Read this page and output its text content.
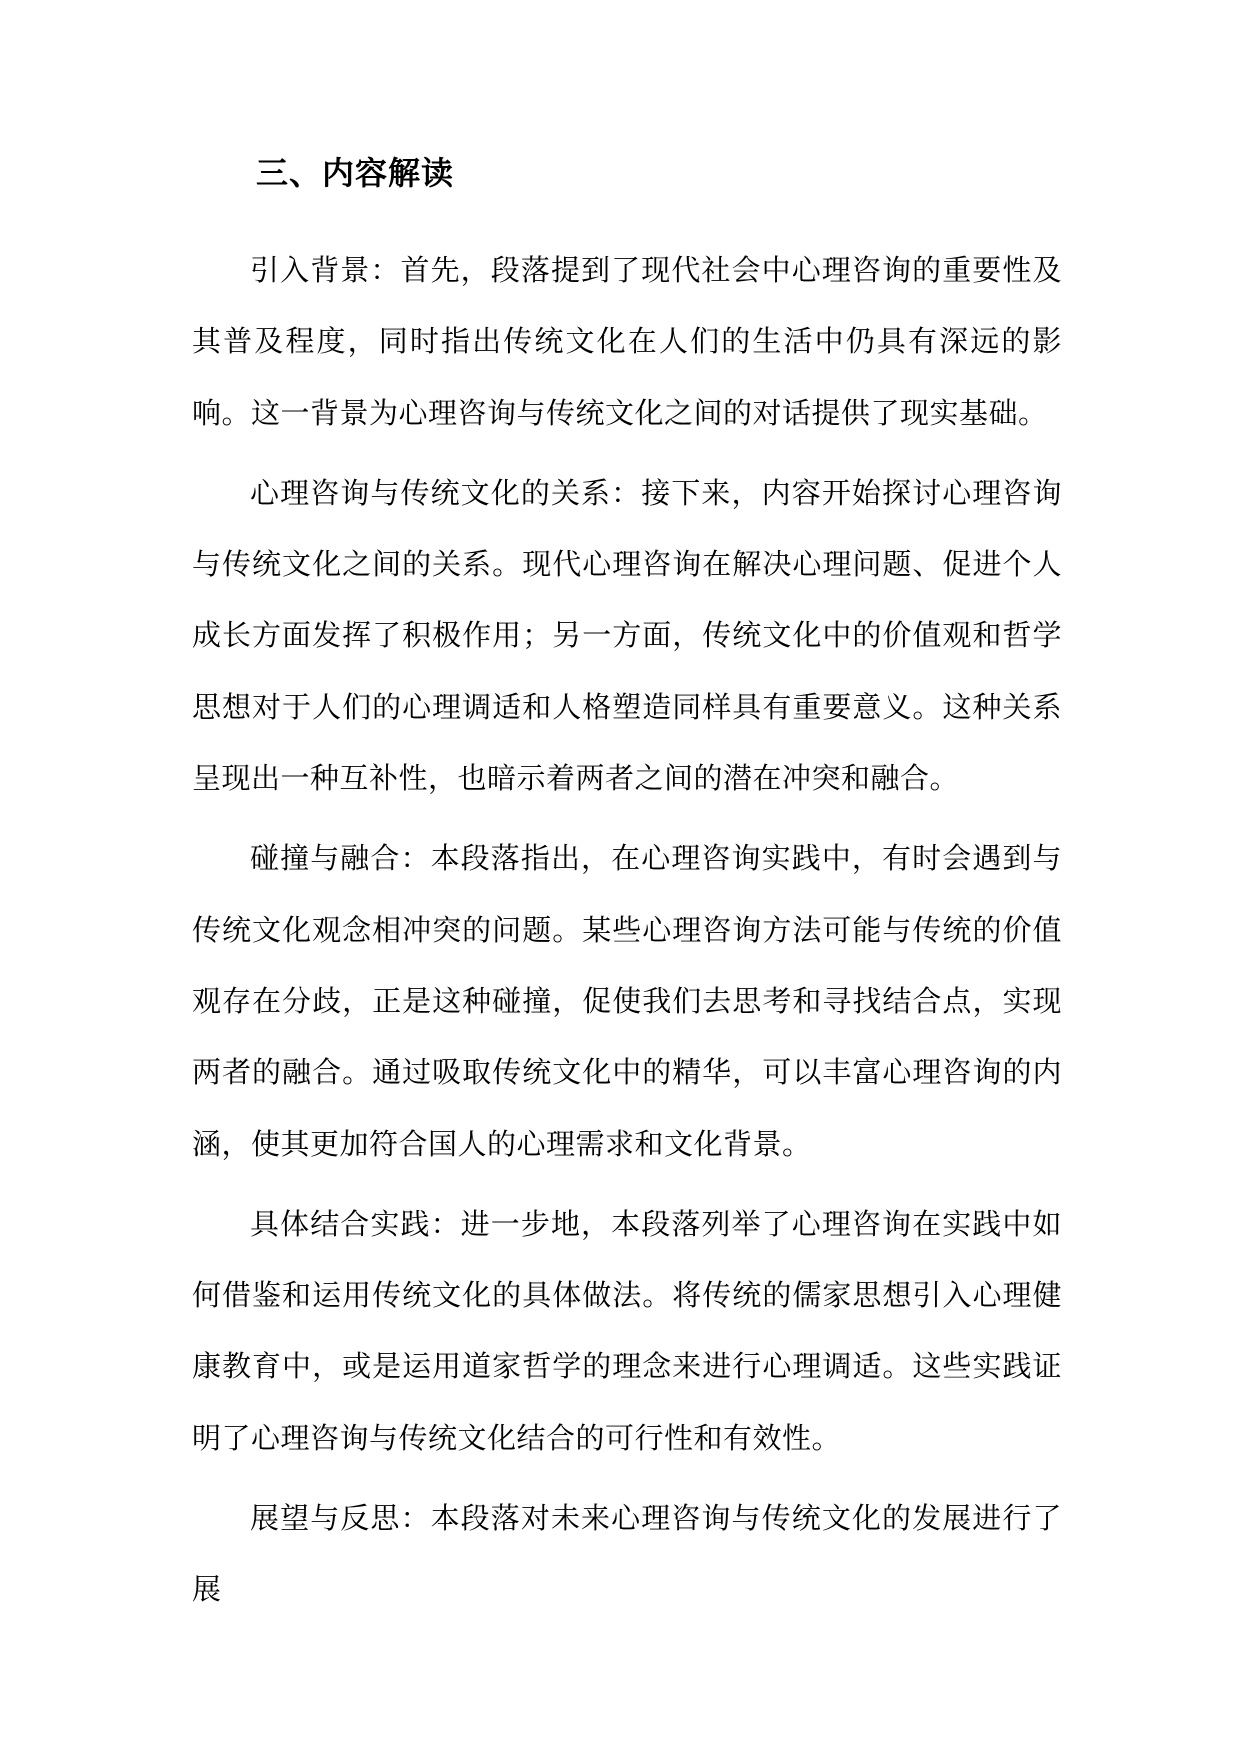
三、内容解读

引入背景：首先，段落提到了现代社会中心理咨询的重要性及其普及程度，同时指出传统文化在人们的生活中仍具有深远的影响。这一背景为心理咨询与传统文化之间的对话提供了现实基础。

心理咨询与传统文化的关系：接下来，内容开始探讨心理咨询与传统文化之间的关系。现代心理咨询在解决心理问题、促进个人成长方面发挥了积极作用；另一方面，传统文化中的价值观和哲学思想对于人们的心理调适和人格塑造同样具有重要意义。这种关系呈现出一种互补性，也暗示着两者之间的潜在冲突和融合。

碰撞与融合：本段落指出，在心理咨询实践中，有时会遇到与传统文化观念相冲突的问题。某些心理咨询方法可能与传统的价值观存在分歧，正是这种碰撞，促使我们去思考和寻找结合点，实现两者的融合。通过吸取传统文化中的精华，可以丰富心理咨询的内涵，使其更加符合国人的心理需求和文化背景。

具体结合实践：进一步地，本段落列举了心理咨询在实践中如何借鉴和运用传统文化的具体做法。将传统的儒家思想引入心理健康教育中，或是运用道家哲学的理念来进行心理调适。这些实践证明了心理咨询与传统文化结合的可行性和有效性。

展望与反思：本段落对未来心理咨询与传统文化的发展进行了展
